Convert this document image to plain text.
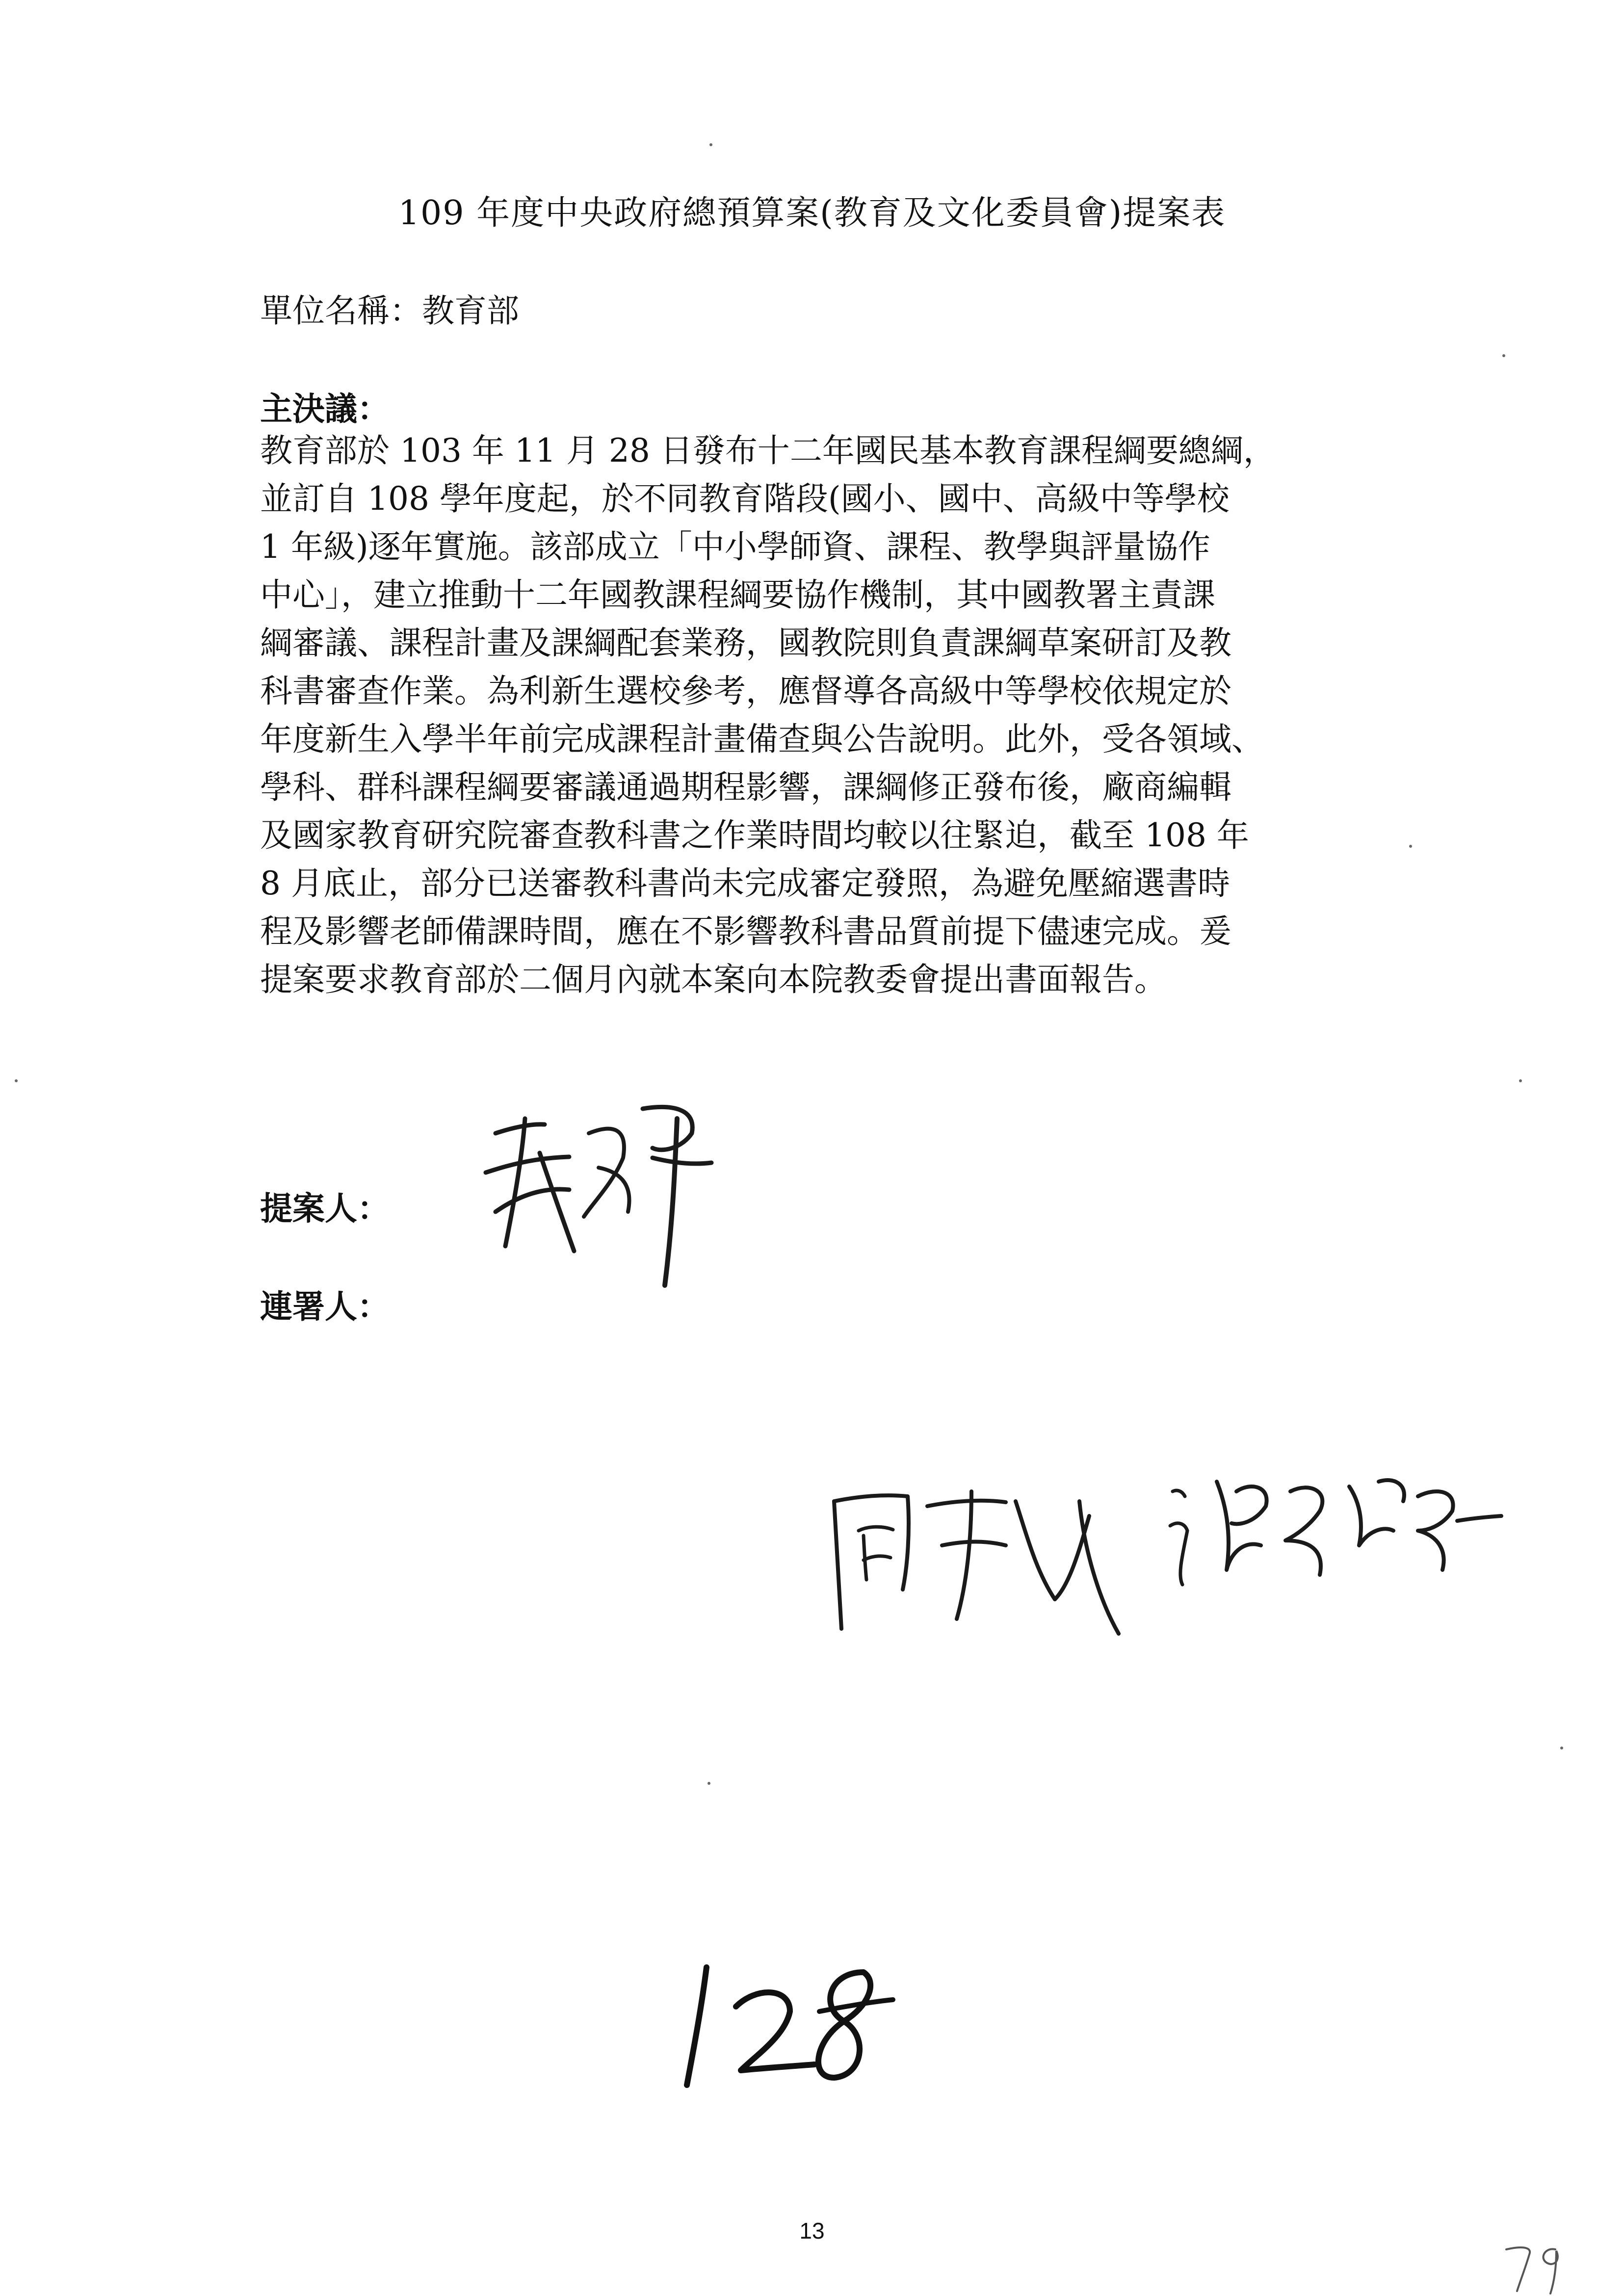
109 年度中央政府總預算案(教育及文化委員會)提案表
單位名稱：教育部
主決議：
教育部於 103 年 11 月 28 日發布十二年國民基本教育課程綱要總綱，
並訂自 108 學年度起，於不同教育階段(國小、國中、高級中等學校
1 年級)逐年實施。該部成立「中小學師資、課程、教學與評量協作
中心」，建立推動十二年國教課程綱要協作機制，其中國教署主責課
綱審議、課程計畫及課綱配套業務，國教院則負責課綱草案研訂及教
科書審查作業。為利新生選校參考，應督導各高級中等學校依規定於
年度新生入學半年前完成課程計畫備查與公告說明。此外，受各領域、
學科、群科課程綱要審議通過期程影響，課綱修正發布後，廠商編輯
及國家教育研究院審查教科書之作業時間均較以往緊迫，截至 108 年
8 月底止，部分已送審教科書尚未完成審定發照，為避免壓縮選書時
程及影響老師備課時間，應在不影響教科書品質前提下儘速完成。爰
提案要求教育部於二個月內就本案向本院教委會提出書面報告。
提案人：
連署人：
13
